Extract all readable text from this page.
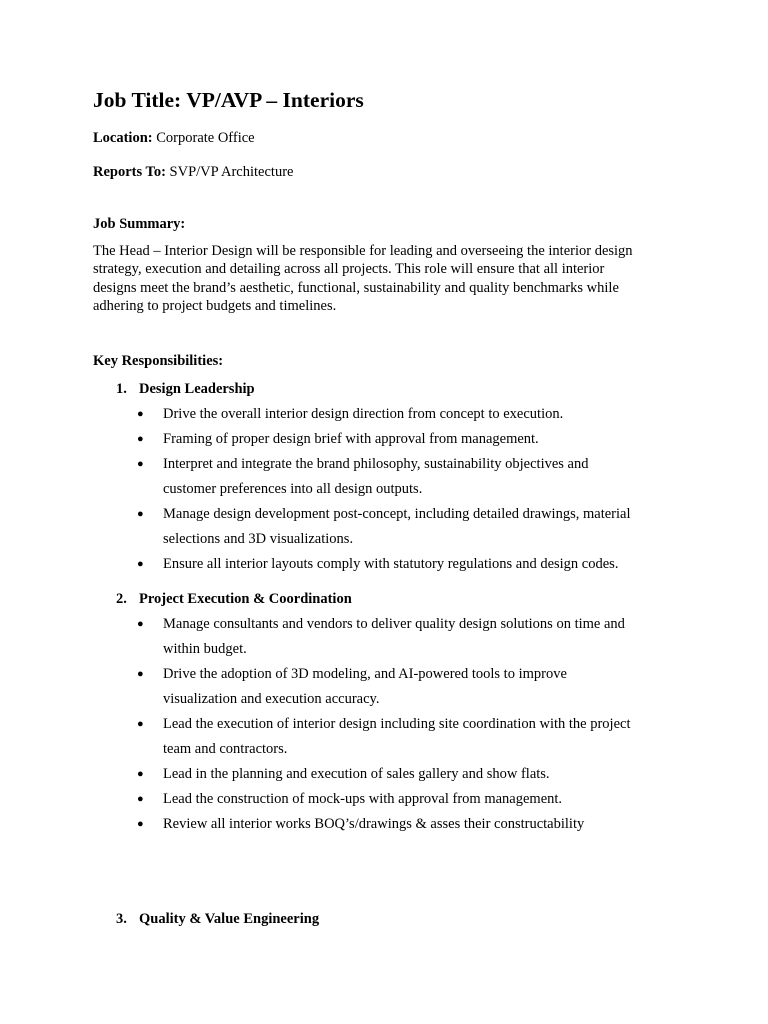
Job Title: VP/AVP – Interiors

Location: Corporate Office

Reports To: SVP/VP Architecture

Job Summary:

The Head – Interior Design will be responsible for leading and overseeing the interior design
strategy, execution and detailing across all projects. This role will ensure that all interior
designs meet the brand’s aesthetic, functional, sustainability and quality benchmarks while
adhering to project budgets and timelines.

Key Responsibilities:
1. Design Leadership
● Drive the overall interior design direction from concept to execution.
● Framing of proper design brief with approval from management.
● Interpret and integrate the brand philosophy, sustainability objectives and
customer preferences into all design outputs.
● Manage design development post-concept, including detailed drawings, material
selections and 3D visualizations.
● Ensure all interior layouts comply with statutory regulations and design codes.
2. Project Execution & Coordination
● Manage consultants and vendors to deliver quality design solutions on time and
within budget.
● Drive the adoption of 3D modeling, and AI-powered tools to improve
visualization and execution accuracy.
● Lead the execution of interior design including site coordination with the project
team and contractors.
● Lead in the planning and execution of sales gallery and show flats.
● Lead the construction of mock-ups with approval from management.
● Review all interior works BOQ’s/drawings & asses their constructability
3. Quality & Value Engineering
